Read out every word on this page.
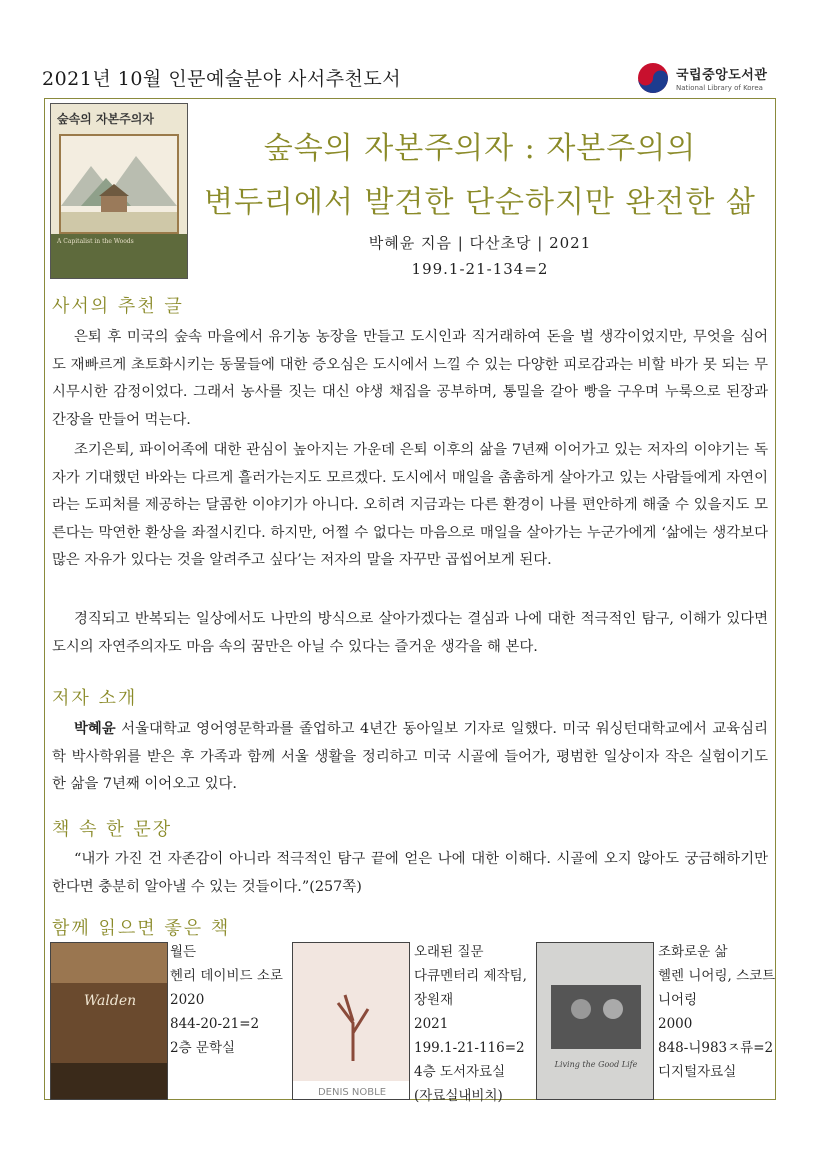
2021년 10월 인문예술분야 사서추천도서	국립중앙도서관
National Library of Korea
숲속의 자본주의자
A Capitalist in the Woods
숲속의 자본주의자 : 자본주의의
변두리에서 발견한 단순하지만 완전한 삶
박혜윤 지음 | 다산초당 | 2021
199.1-21-134=2
사서의 추천 글
은퇴 후 미국의 숲속 마을에서 유기농 농장을 만들고 도시인과 직거래하여 돈을 벌 생각이었지만, 무엇을 심어도 재빠르게 초토화시키는 동물들에 대한 증오심은 도시에서 느낄 수 있는 다양한 피로감과는 비할 바가 못 되는 무시무시한 감정이었다. 그래서 농사를 짓는 대신 야생 채집을 공부하며, 통밀을 갈아 빵을 구우며 누룩으로 된장과 간장을 만들어 먹는다.
조기은퇴, 파이어족에 대한 관심이 높아지는 가운데 은퇴 이후의 삶을 7년째 이어가고 있는 저자의 이야기는 독자가 기대했던 바와는 다르게 흘러가는지도 모르겠다. 도시에서 매일을 촘촘하게 살아가고 있는 사람들에게 자연이라는 도피처를 제공하는 달콤한 이야기가 아니다. 오히려 지금과는 다른 환경이 나를 편안하게 해줄 수 있을지도 모른다는 막연한 환상을 좌절시킨다. 하지만, 어쩔 수 없다는 마음으로 매일을 살아가는 누군가에게 ‘삶에는 생각보다 많은 자유가 있다는 것을 알려주고 싶다’는 저자의 말을 자꾸만 곱씹어보게 된다.
경직되고 반복되는 일상에서도 나만의 방식으로 살아가겠다는 결심과 나에 대한 적극적인 탐구, 이해가 있다면 도시의 자연주의자도 마음 속의 꿈만은 아닐 수 있다는 즐거운 생각을 해 본다.
저자 소개
박혜윤 서울대학교 영어영문학과를 졸업하고 4년간 동아일보 기자로 일했다. 미국 워싱턴대학교에서 교육심리학 박사학위를 받은 후 가족과 함께 서울 생활을 정리하고 미국 시골에 들어가, 평범한 일상이자 작은 실험이기도 한 삶을 7년째 이어오고 있다.
책 속 한 문장
“내가 가진 건 자존감이 아니라 적극적인 탐구 끝에 얻은 나에 대한 이해다. 시골에 오지 않아도 궁금해하기만 한다면 충분히 알아낼 수 있는 것들이다.”(257쪽)
함께 읽으면 좋은 책
Walden
월든
헨리 데이비드 소로
2020
844-20-21=2
2층 문학실
DENIS NOBLE
오래된 질문
다큐멘터리 제작팀,
장원재
2021
199.1-21-116=2
4층 도서자료실
(자료실내비치)
Living the Good Life
조화로운 삶
헬렌 니어링, 스코트
니어링
2000
848-니983ㅈ류=2
디지털자료실
